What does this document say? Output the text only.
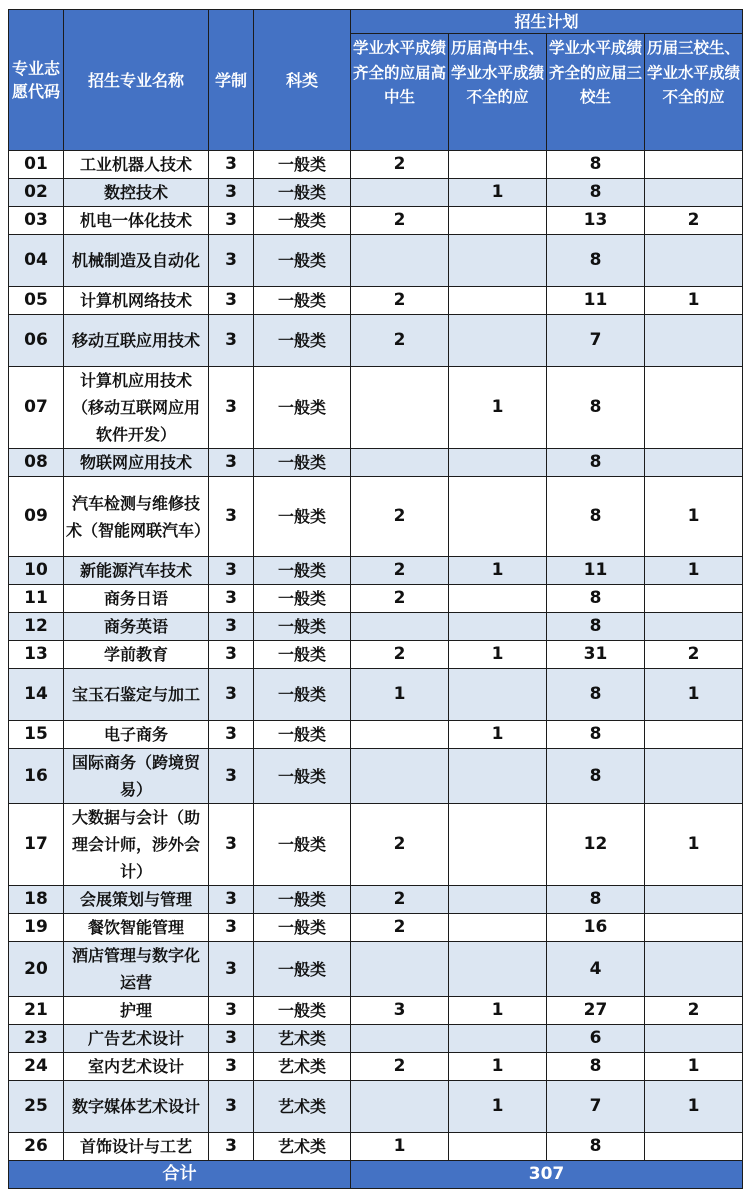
专业志愿代码	招生专业名称	学制	科类	招生计划			
				学业水平成绩齐全的应届高中生	历届高中生、学业水平成绩不全的应	学业水平成绩齐全的应届三校生	历届三校生、学业水平成绩不全的应
01	工业机器人技术	3	一般类	2		8	
02	数控技术	3	一般类		1	8	
03	机电一体化技术	3	一般类	2		13	2
04	机械制造及自动化	3	一般类			8	
05	计算机网络技术	3	一般类	2		11	1
06	移动互联应用技术	3	一般类	2		7	
07	计算机应用技术（移动互联网应用软件开发）	3	一般类		1	8	
08	物联网应用技术	3	一般类			8	
09	汽车检测与维修技术（智能网联汽车）	3	一般类	2		8	1
10	新能源汽车技术	3	一般类	2	1	11	1
11	商务日语	3	一般类	2		8	
12	商务英语	3	一般类			8	
13	学前教育	3	一般类	2	1	31	2
14	宝玉石鉴定与加工	3	一般类	1		8	1
15	电子商务	3	一般类		1	8	
16	国际商务（跨境贸易）	3	一般类			8	
17	大数据与会计（助理会计师，涉外会计）	3	一般类	2		12	1
18	会展策划与管理	3	一般类	2		8	
19	餐饮智能管理	3	一般类	2		16	
20	酒店管理与数字化运营	3	一般类			4	
21	护理	3	一般类	3	1	27	2
23	广告艺术设计	3	艺术类			6	
24	室内艺术设计	3	艺术类	2	1	8	1
25	数字媒体艺术设计	3	艺术类		1	7	1
26	首饰设计与工艺	3	艺术类	1		8	
合计				307			
